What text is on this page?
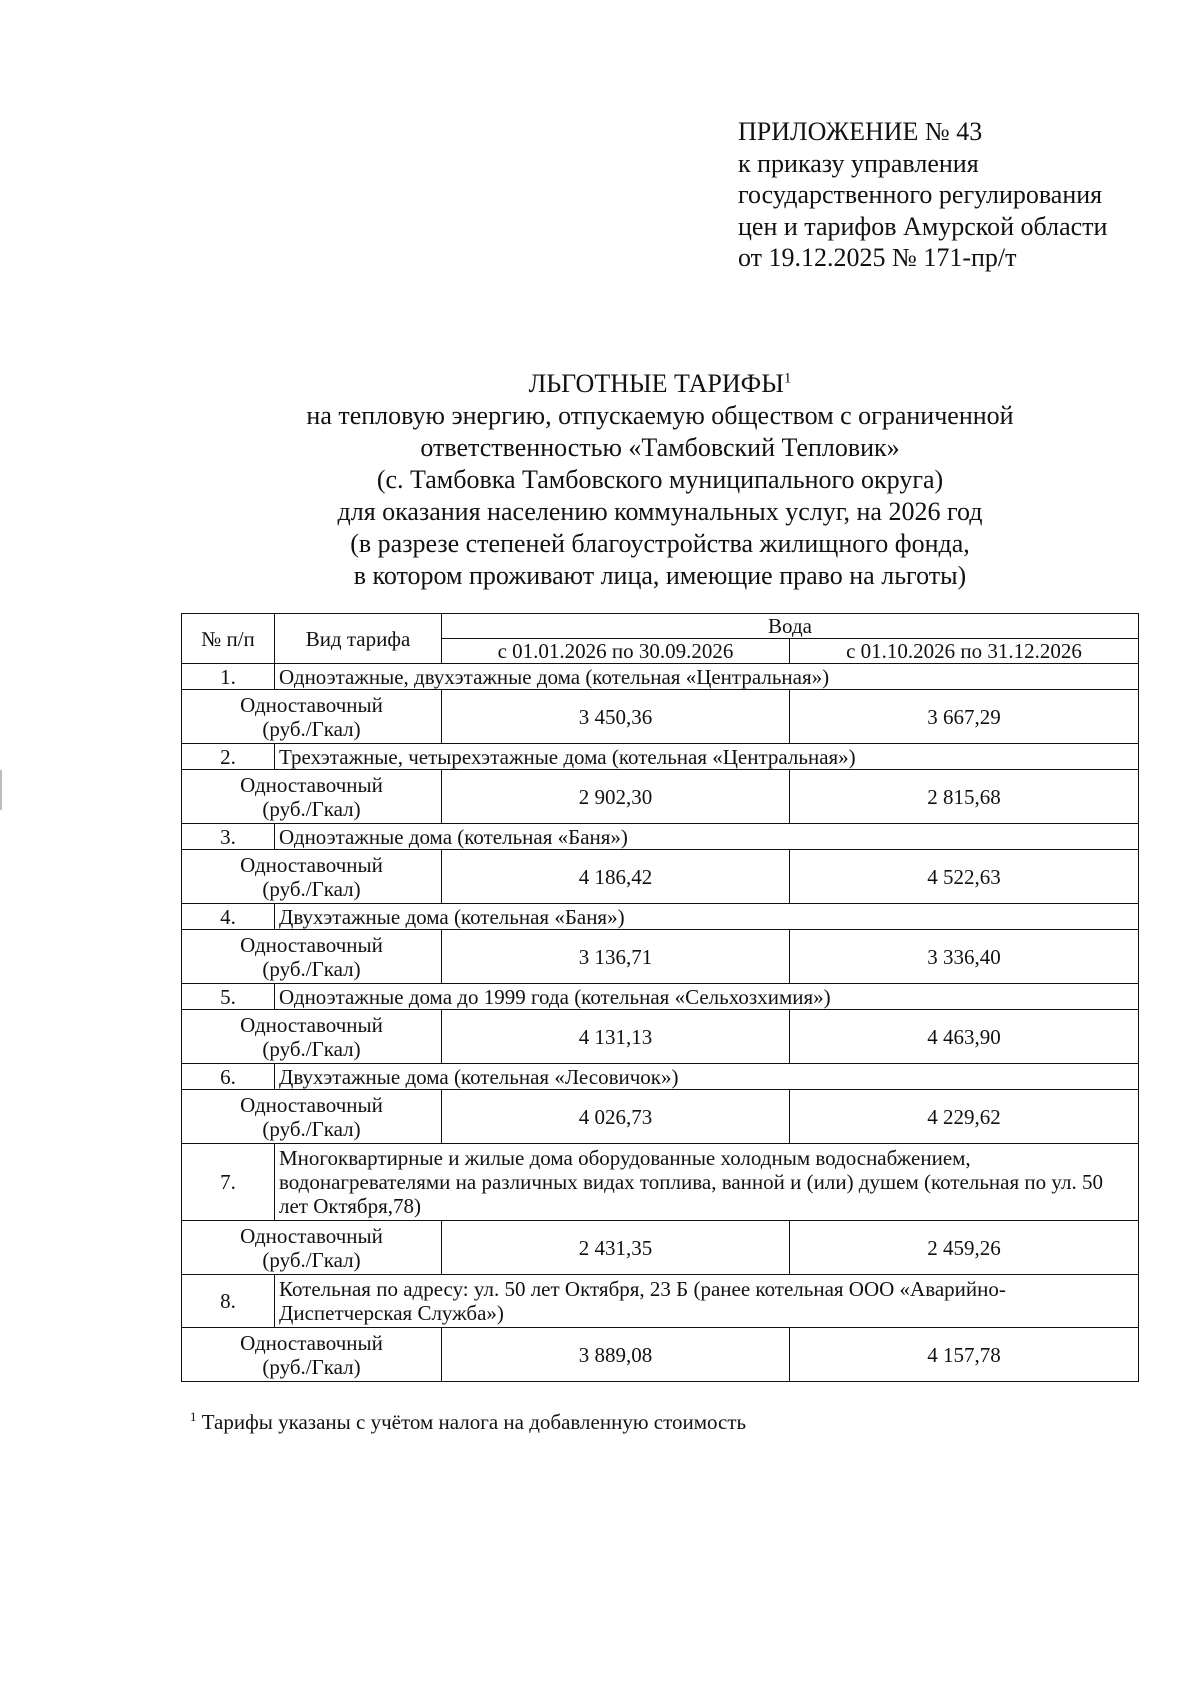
ПРИЛОЖЕНИЕ № 43
к приказу управления
государственного регулирования
цен и тарифов Амурской области
от 19.12.2025 № 171-пр/т
ЛЬГОТНЫЕ ТАРИФЫ$^1$
на тепловую энергию, отпускаемую обществом с ограниченной
ответственностью «Тамбовский Тепловик»
(с. Тамбовка Тамбовского муниципального округа)
для оказания населению коммунальных услуг, на 2026 год
(в разрезе степеней благоустройства жилищного фонда,
в котором проживают лица, имеющие право на льготы)
№ п/п	Вид тарифа	Вода	
		с 01.01.2026 по 30.09.2026	с 01.10.2026 по 31.12.2026
1.	Одноэтажные, двухэтажные дома (котельная «Центральная»)		
Одноставочный
(руб./Гкал)		3 450,36	3 667,29
2.	Трехэтажные, четырехэтажные дома (котельная «Центральная»)		
Одноставочный
(руб./Гкал)		2 902,30	2 815,68
3.	Одноэтажные дома (котельная «Баня»)		
Одноставочный
(руб./Гкал)		4 186,42	4 522,63
4.	Двухэтажные дома (котельная «Баня»)		
Одноставочный
(руб./Гкал)		3 136,71	3 336,40
5.	Одноэтажные дома до 1999 года (котельная «Сельхозхимия»)		
Одноставочный
(руб./Гкал)		4 131,13	4 463,90
6.	Двухэтажные дома (котельная «Лесовичок»)		
Одноставочный
(руб./Гкал)		4 026,73	4 229,62
7.	Многоквартирные и жилые дома оборудованные холодным водоснабжением, водонагревателями на различных видах топлива, ванной и (или) душем (котельная по ул. 50 лет Октября,78)		
Одноставочный
(руб./Гкал)		2 431,35	2 459,26
8.	Котельная по адресу: ул. 50 лет Октября, 23 Б (ранее котельная ООО «Аварийно-Диспетчерская Служба»)		
Одноставочный
(руб./Гкал)		3 889,08	4 157,78
$^1$ Тарифы указаны с учётом налога на добавленную стоимость
